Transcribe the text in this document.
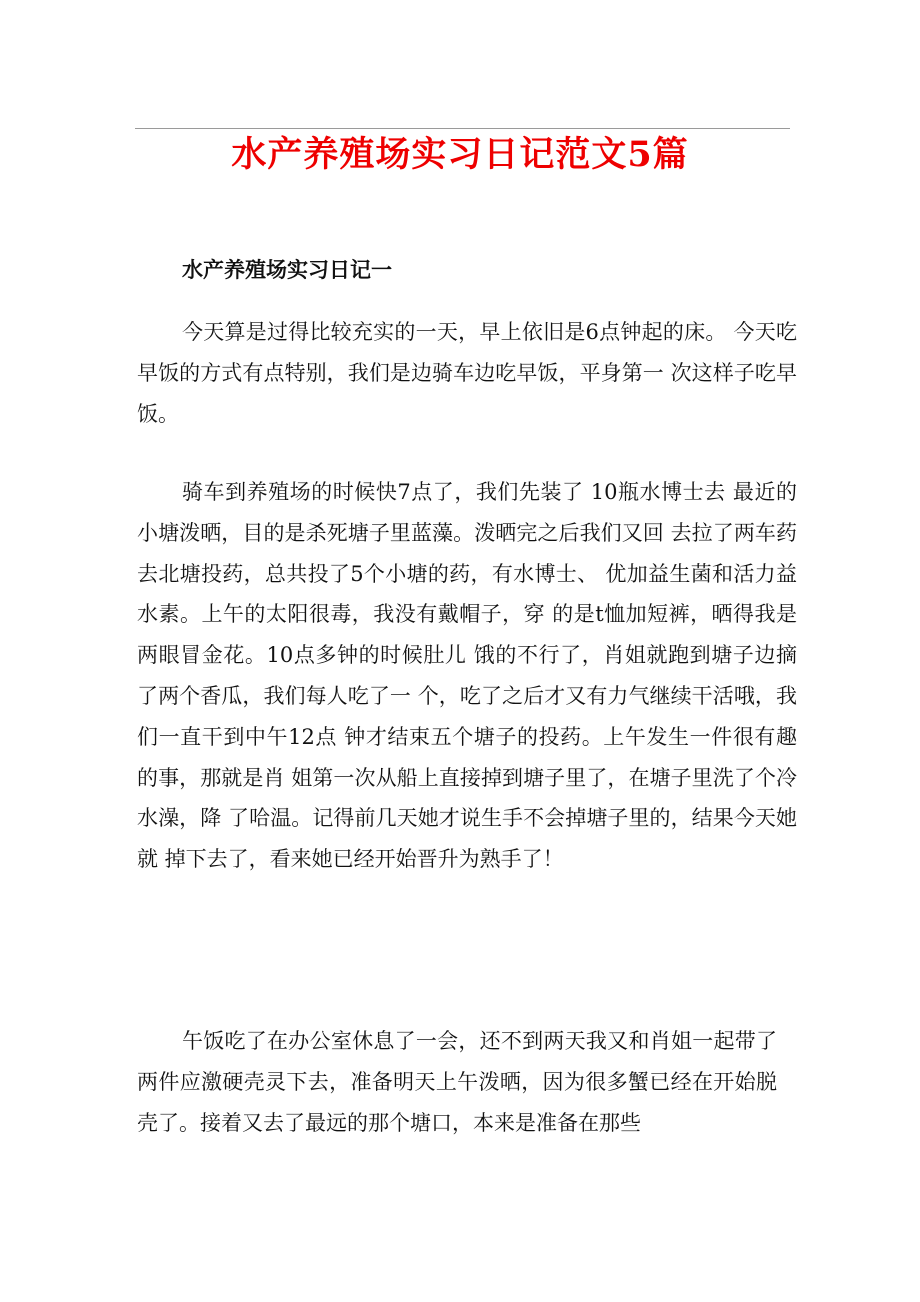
水产养殖场实习日记范文5篇
水产养殖场实习日记一

今天算是过得比较充实的一天，早上依旧是6点钟起的床。 今天吃早饭的方式有点特别，我们是边骑车边吃早饭，平身第一 次这样子吃早饭。

骑车到养殖场的时候快7点了，我们先装了 10瓶水博士去 最近的小塘泼晒，目的是杀死塘子里蓝藻。泼晒完之后我们又回 去拉了两车药去北塘投药，总共投了5个小塘的药，有水博士、 优加益生菌和活力益水素。上午的太阳很毒，我没有戴帽子，穿 的是t恤加短裤，晒得我是两眼冒金花。10点多钟的时候肚儿 饿的不行了，肖姐就跑到塘子边摘了两个香瓜，我们每人吃了一 个，吃了之后才又有力气继续干活哦，我们一直干到中午12点 钟才结束五个塘子的投药。上午发生一件很有趣的事，那就是肖 姐第一次从船上直接掉到塘子里了，在塘子里洗了个冷水澡，降 了哈温。记得前几天她才说生手不会掉塘子里的，结果今天她就 掉下去了，看来她已经开始晋升为熟手了！

午饭吃了在办公室休息了一会，还不到两天我又和肖姐一起带了两件应激硬壳灵下去，准备明天上午泼晒，因为很多蟹已经在开始脱壳了。接着又去了最远的那个塘口，本来是准备在那些
